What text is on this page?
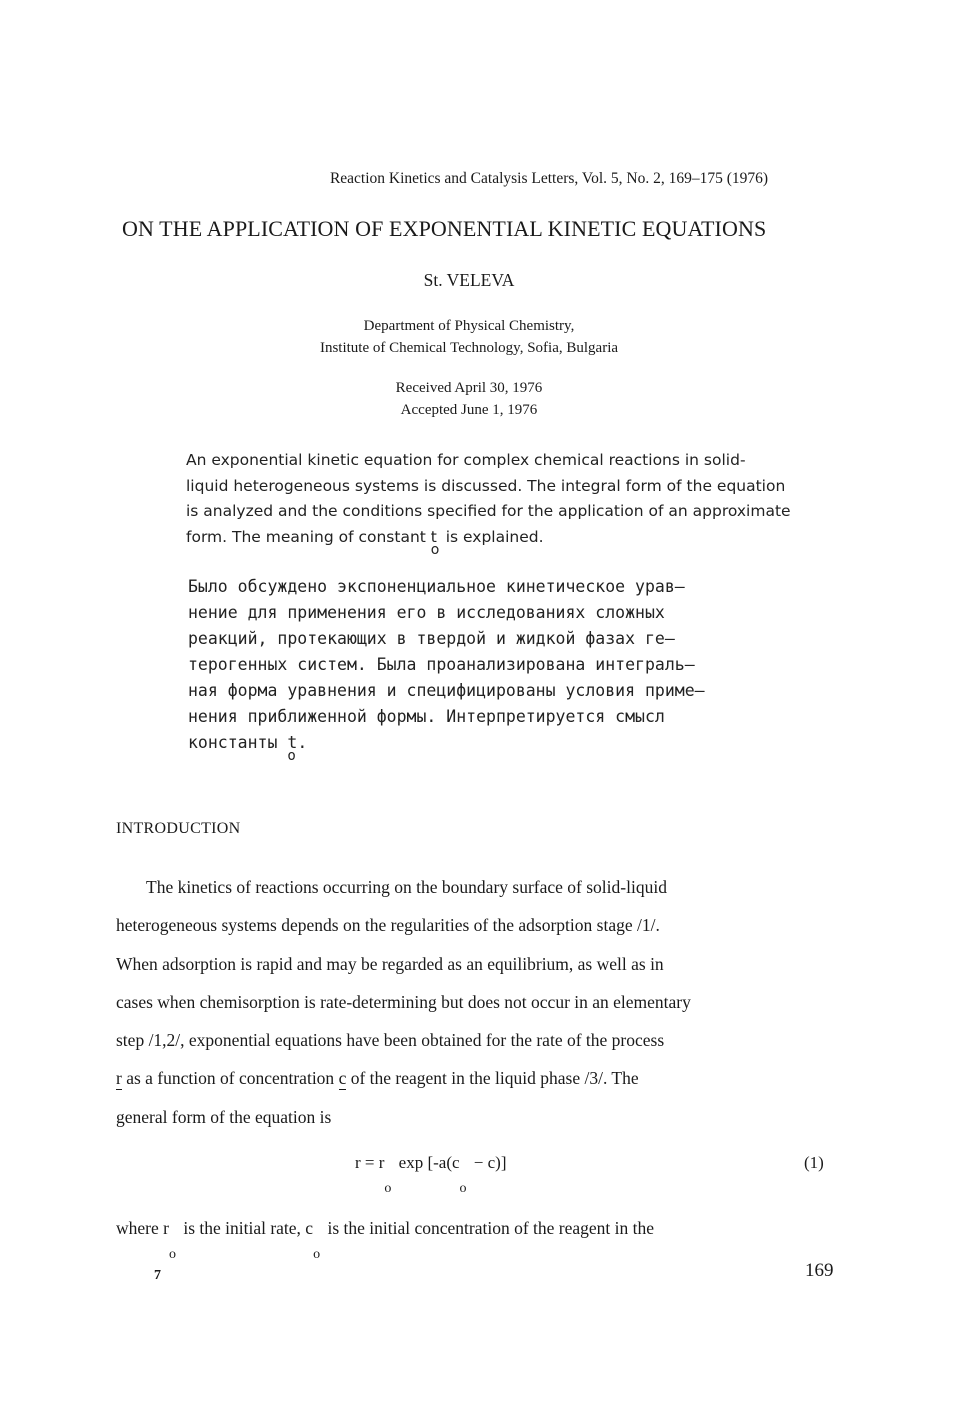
Reaction Kinetics and Catalysis Letters, Vol. 5, No. 2, 169–175 (1976)
ON THE APPLICATION OF EXPONENTIAL KINETIC EQUATIONS
St. VELEVA
Department of Physical Chemistry,
Institute of Chemical Technology, Sofia, Bulgaria
Received April 30, 1976
Accepted June 1, 1976
An exponential kinetic equation for complex chemical reactions in solid-
liquid heterogeneous systems is discussed. The integral form of the equation
is analyzed and the conditions specified for the application of an approximate
form. The meaning of constant t
o
is explained.
Было обсуждено экспоненциальное кинетическое урав–
нение для применения его в исследованиях сложных
реакций, протекающих в твердой и жидкой фазах ге–
терогенных систем. Была проанализирована интеграль–
ная форма уравнения и специфицированы условия приме–
нения приближенной формы. Интерпретируется смысл
константы t
o
.
INTRODUCTION
The kinetics of reactions occurring on the boundary surface of solid-liquid
heterogeneous systems depends on the regularities of the adsorption stage /1/.
When adsorption is rapid and may be regarded as an equilibrium, as well as in
cases when chemisorption is rate-determining but does not occur in an elementary
step /1,2/, exponential equations have been obtained for the rate of the process
r as a function of concentration c of the reagent in the liquid phase /3/. The
general form of the equation is
r = r
o
exp [-a(c
o
− c)]	(1)
where r
o
is the initial rate, c
o
is the initial concentration of the reagent in the
7	169
